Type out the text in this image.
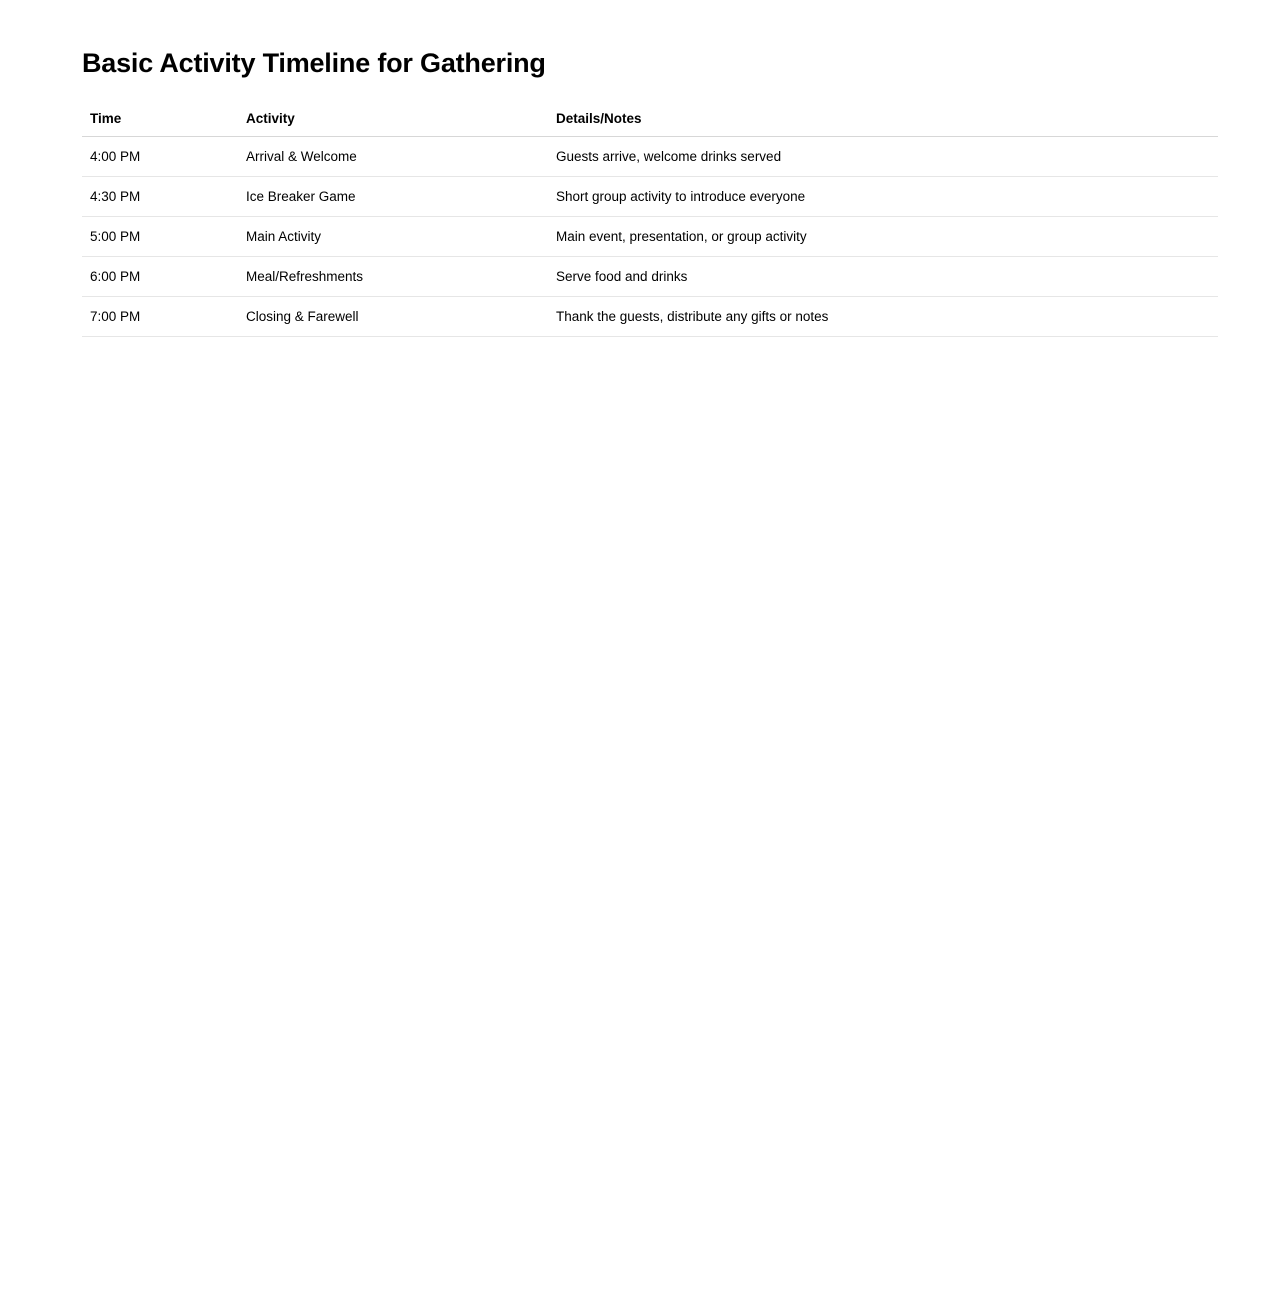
Basic Activity Timeline for Gathering
Time	Activity	Details/Notes
4:00 PM	Arrival & Welcome	Guests arrive, welcome drinks served
4:30 PM	Ice Breaker Game	Short group activity to introduce everyone
5:00 PM	Main Activity	Main event, presentation, or group activity
6:00 PM	Meal/Refreshments	Serve food and drinks
7:00 PM	Closing & Farewell	Thank the guests, distribute any gifts or notes
